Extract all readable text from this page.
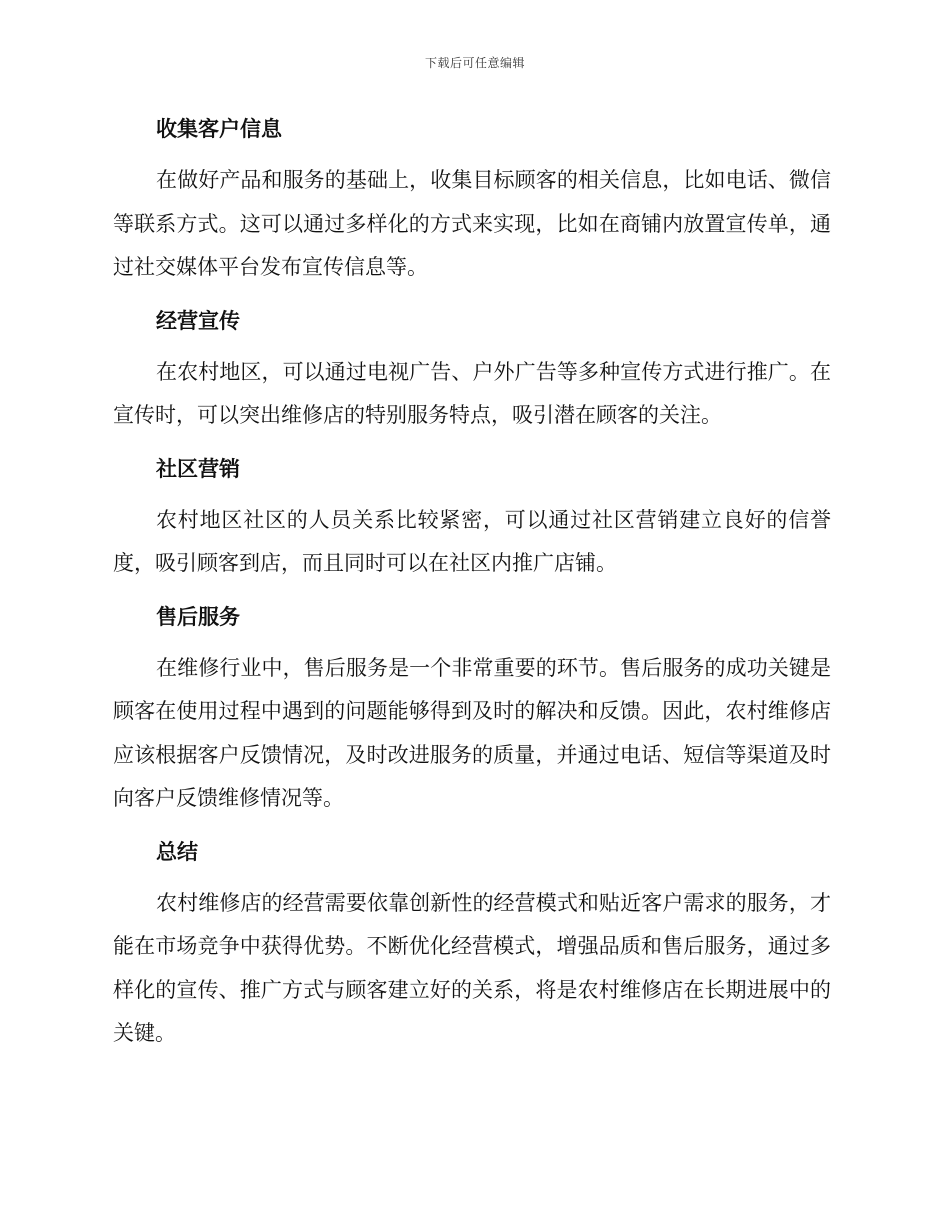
下载后可任意编辑
收集客户信息

在做好产品和服务的基础上，收集目标顾客的相关信息，比如电话、微信等联系方式。这可以通过多样化的方式来实现，比如在商铺内放置宣传单，通过社交媒体平台发布宣传信息等。

经营宣传

在农村地区，可以通过电视广告、户外广告等多种宣传方式进行推广。在宣传时，可以突出维修店的特别服务特点，吸引潜在顾客的关注。

社区营销

农村地区社区的人员关系比较紧密，可以通过社区营销建立良好的信誉度，吸引顾客到店，而且同时可以在社区内推广店铺。

售后服务

在维修行业中，售后服务是一个非常重要的环节。售后服务的成功关键是顾客在使用过程中遇到的问题能够得到及时的解决和反馈。因此，农村维修店应该根据客户反馈情况，及时改进服务的质量，并通过电话、短信等渠道及时向客户反馈维修情况等。

总结

农村维修店的经营需要依靠创新性的经营模式和贴近客户需求的服务，才能在市场竞争中获得优势。不断优化经营模式，增强品质和售后服务，通过多样化的宣传、推广方式与顾客建立好的关系，将是农村维修店在长期进展中的关键。
